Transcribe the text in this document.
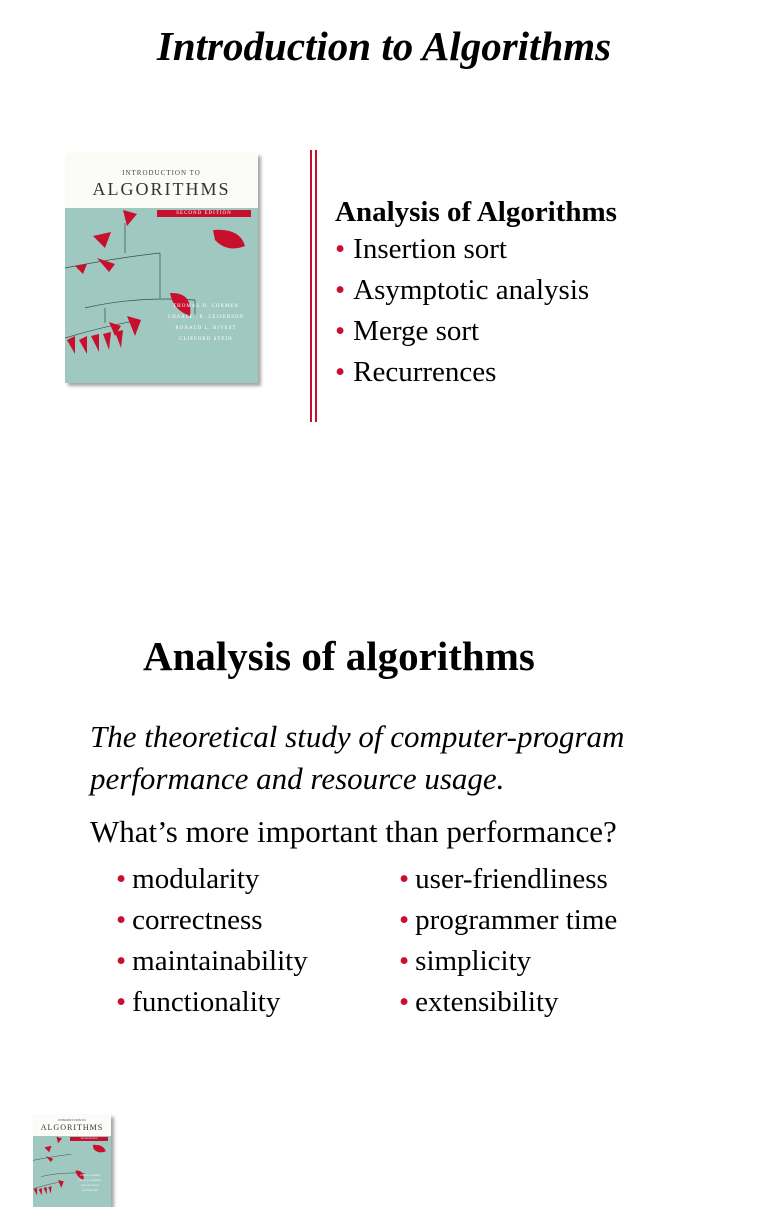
Introduction to Algorithms
INTRODUCTION TO
ALGORITHMS
SECOND EDITION
THOMAS H. CORMEN
CHARLES E. LEISERSON
RONALD L. RIVEST
CLIFFORD STEIN
Analysis of Algorithms
• Insertion sort
• Asymptotic analysis
• Merge sort
• Recurrences
INTRODUCTION TO
ALGORITHMS
SECOND EDITION
THOMAS H. CORMEN
CHARLES E. LEISERSON
RONALD L. RIVEST
CLIFFORD STEIN
Analysis of algorithms
The theoretical study of computer-program
performance and resource usage.
What’s more important than performance?
• modularity
• correctness
• maintainability
• functionality
• user-friendliness
• programmer time
• simplicity
• extensibility
